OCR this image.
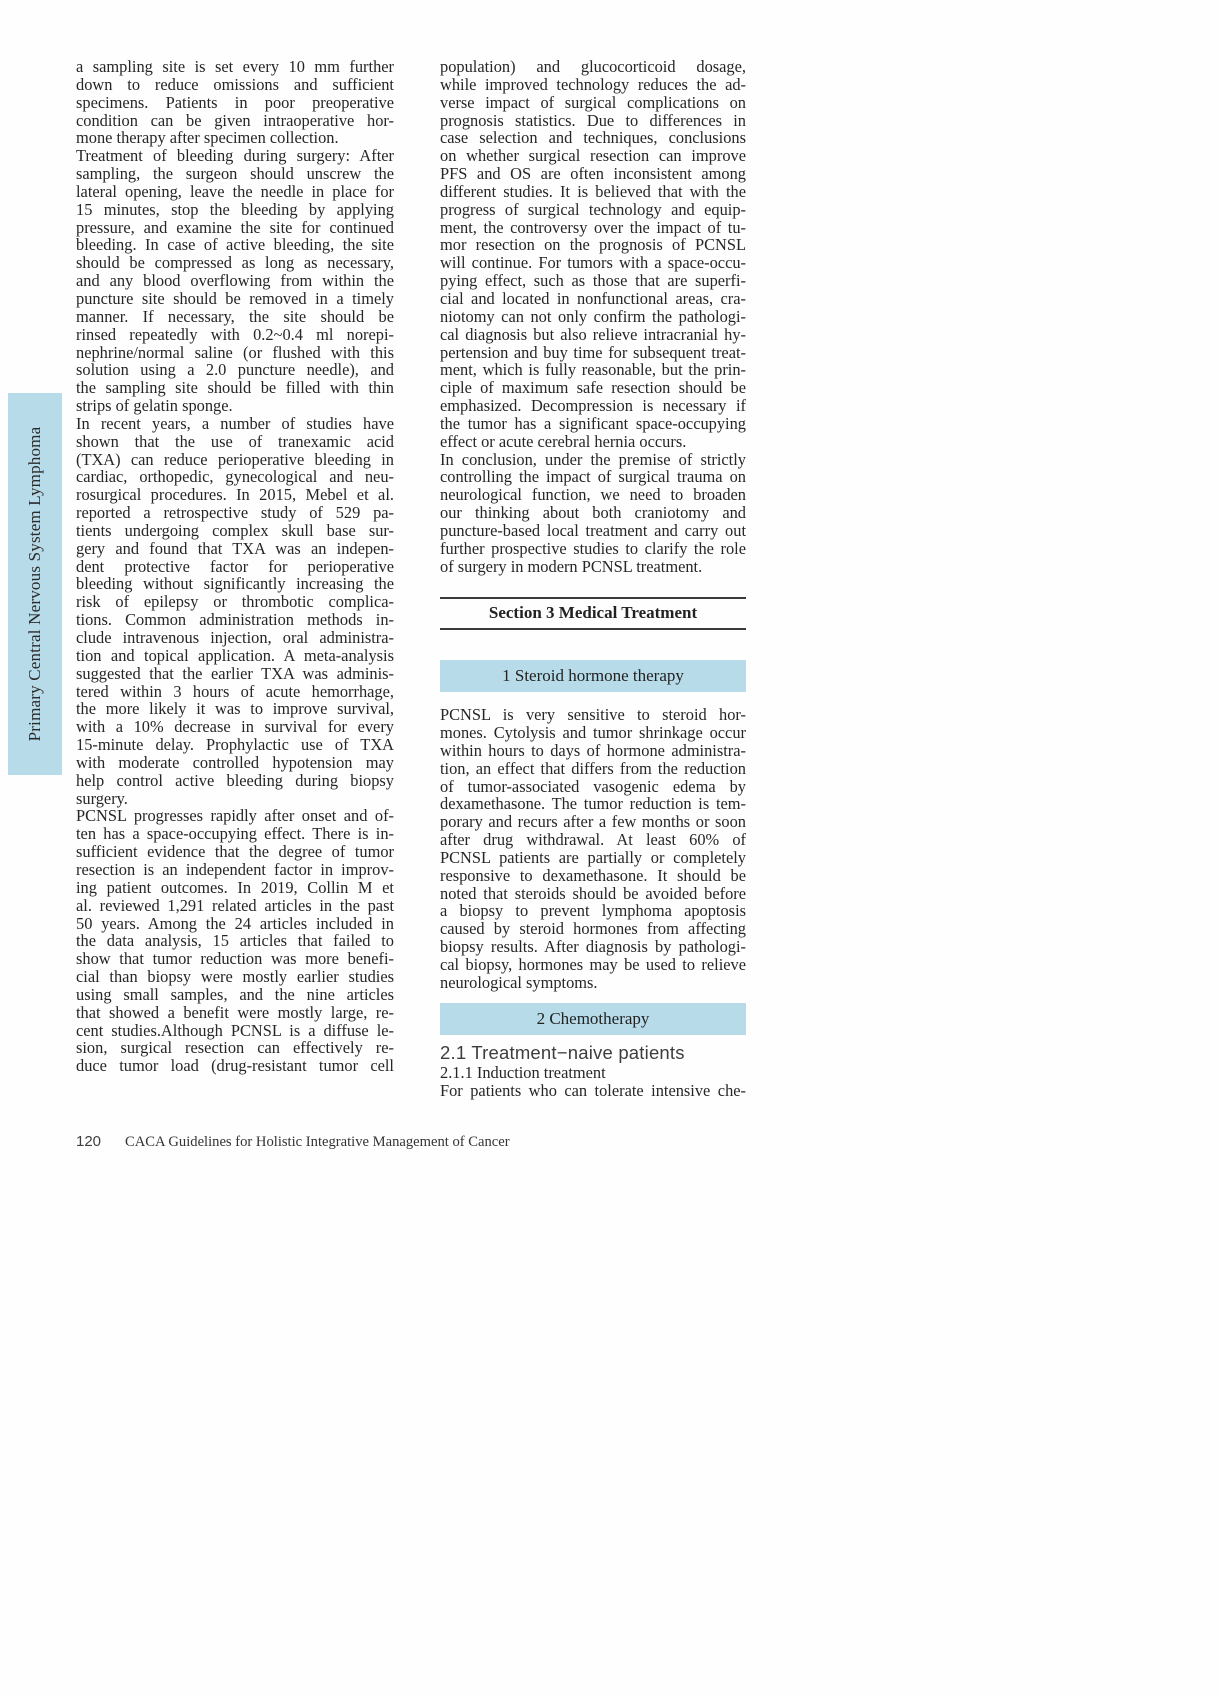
Primary Central Nervous System Lymphoma
a sampling site is set every 10 mm further
down to reduce omissions and sufficient
specimens. Patients in poor preoperative
condition can be given intraoperative hor-
mone therapy after specimen collection.
Treatment of bleeding during surgery: After
sampling, the surgeon should unscrew the
lateral opening, leave the needle in place for
15 minutes, stop the bleeding by applying
pressure, and examine the site for continued
bleeding. In case of active bleeding, the site
should be compressed as long as necessary,
and any blood overflowing from within the
puncture site should be removed in a timely
manner. If necessary, the site should be
rinsed repeatedly with 0.2~0.4 ml norepi-
nephrine/normal saline (or flushed with this
solution using a 2.0 puncture needle), and
the sampling site should be filled with thin
strips of gelatin sponge.
In recent years, a number of studies have
shown that the use of tranexamic acid
(TXA) can reduce perioperative bleeding in
cardiac, orthopedic, gynecological and neu-
rosurgical procedures. In 2015, Mebel et al.
reported a retrospective study of 529 pa-
tients undergoing complex skull base sur-
gery and found that TXA was an indepen-
dent protective factor for perioperative
bleeding without significantly increasing the
risk of epilepsy or thrombotic complica-
tions. Common administration methods in-
clude intravenous injection, oral administra-
tion and topical application. A meta-analysis
suggested that the earlier TXA was adminis-
tered within 3 hours of acute hemorrhage,
the more likely it was to improve survival,
with a 10% decrease in survival for every
15-minute delay. Prophylactic use of TXA
with moderate controlled hypotension may
help control active bleeding during biopsy
surgery.
PCNSL progresses rapidly after onset and of-
ten has a space-occupying effect. There is in-
sufficient evidence that the degree of tumor
resection is an independent factor in improv-
ing patient outcomes. In 2019, Collin M et
al. reviewed 1,291 related articles in the past
50 years. Among the 24 articles included in
the data analysis, 15 articles that failed to
show that tumor reduction was more benefi-
cial than biopsy were mostly earlier studies
using small samples, and the nine articles
that showed a benefit were mostly large, re-
cent studies.Although PCNSL is a diffuse le-
sion, surgical resection can effectively re-
duce tumor load (drug-resistant tumor cell
population) and glucocorticoid dosage,
while improved technology reduces the ad-
verse impact of surgical complications on
prognosis statistics. Due to differences in
case selection and techniques, conclusions
on whether surgical resection can improve
PFS and OS are often inconsistent among
different studies. It is believed that with the
progress of surgical technology and equip-
ment, the controversy over the impact of tu-
mor resection on the prognosis of PCNSL
will continue. For tumors with a space-occu-
pying effect, such as those that are superfi-
cial and located in nonfunctional areas, cra-
niotomy can not only confirm the pathologi-
cal diagnosis but also relieve intracranial hy-
pertension and buy time for subsequent treat-
ment, which is fully reasonable, but the prin-
ciple of maximum safe resection should be
emphasized. Decompression is necessary if
the tumor has a significant space-occupying
effect or acute cerebral hernia occurs.
In conclusion, under the premise of strictly
controlling the impact of surgical trauma on
neurological function, we need to broaden
our thinking about both craniotomy and
puncture-based local treatment and carry out
further prospective studies to clarify the role
of surgery in modern PCNSL treatment.
Section 3 Medical Treatment
1 Steroid hormone therapy
PCNSL is very sensitive to steroid hor-
mones. Cytolysis and tumor shrinkage occur
within hours to days of hormone administra-
tion, an effect that differs from the reduction
of tumor-associated vasogenic edema by
dexamethasone. The tumor reduction is tem-
porary and recurs after a few months or soon
after drug withdrawal. At least 60% of
PCNSL patients are partially or completely
responsive to dexamethasone. It should be
noted that steroids should be avoided before
a biopsy to prevent lymphoma apoptosis
caused by steroid hormones from affecting
biopsy results. After diagnosis by pathologi-
cal biopsy, hormones may be used to relieve
neurological symptoms.
2 Chemotherapy
2.1 Treatment−naive patients
2.1.1 Induction treatment
For patients who can tolerate intensive che-
120	CACA Guidelines for Holistic Integrative Management of Cancer
